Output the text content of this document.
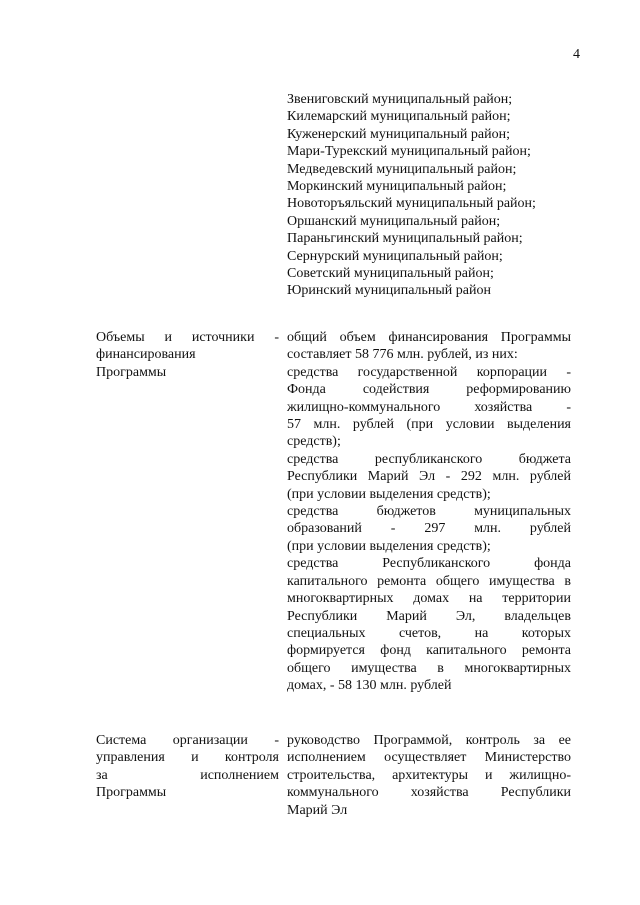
4
Звениговский муниципальный район;
Килемарский муниципальный район;
Куженерский муниципальный район;
Мари-Турекский муниципальный район;
Медведевский муниципальный район;
Моркинский муниципальный район;
Новоторъяльский муниципальный район;
Оршанский муниципальный район;
Параньгинский муниципальный район;
Сернурский муниципальный район;
Советский муниципальный район;
Юринский муниципальный район
Объемы и источники -
финансирования
Программы
общий объем финансирования Программы
составляет 58 776 млн. рублей, из них:
средства государственной корпорации -
Фонда содействия реформированию
жилищно-коммунального хозяйства -
57 млн. рублей (при условии выделения
средств);
средства республиканского бюджета
Республики Марий Эл - 292 млн. рублей
(при условии выделения средств);
средства бюджетов муниципальных
образований - 297 млн. рублей
(при условии выделения средств);
средства Республиканского фонда
капитального ремонта общего имущества в
многоквартирных домах на территории
Республики Марий Эл, владельцев
специальных счетов, на которых
формируется фонд капитального ремонта
общего имущества в многоквартирных
домах, - 58 130 млн. рублей
Система организации -
управления и контроля
за исполнением
Программы
руководство Программой, контроль за ее
исполнением осуществляет Министерство
строительства, архитектуры и жилищно-
коммунального хозяйства Республики
Марий Эл
